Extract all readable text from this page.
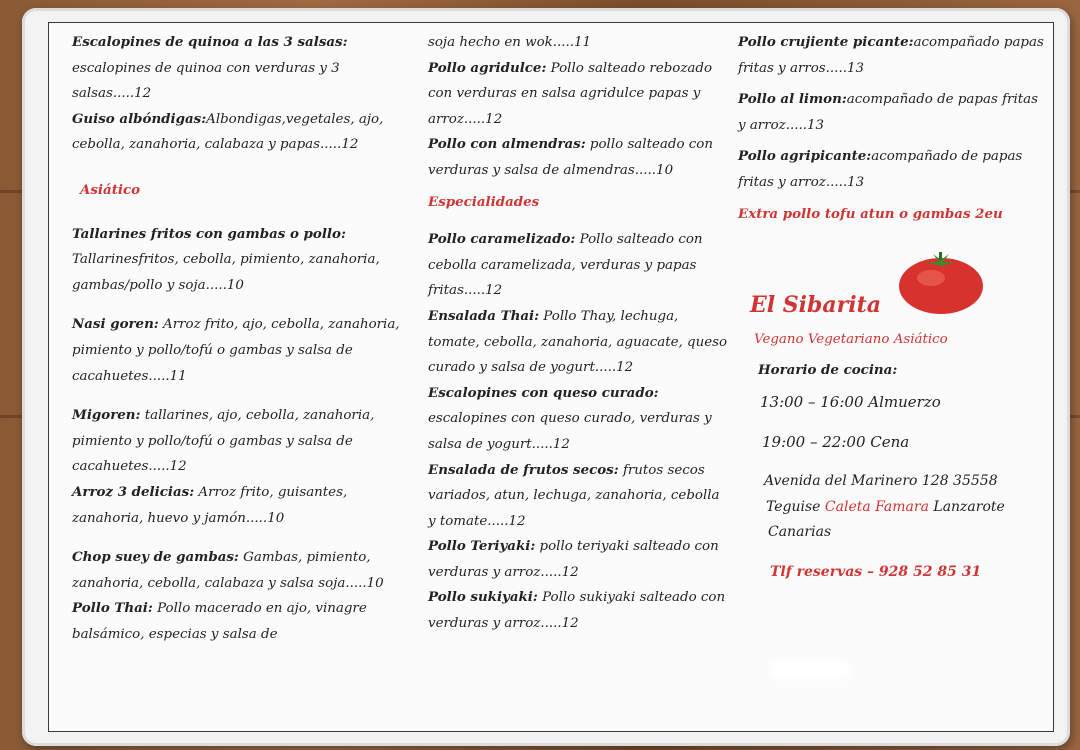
Escalopines de quinoa a las 3 salsas: escalopines de quinoa con verduras y 3 salsas.....12

Guiso albóndigas:Albondigas,vegetales, ajo, cebolla, zanahoria, calabaza y papas.....12

Asiático

Tallarines fritos con gambas o pollo: Tallarinesfritos, cebolla, pimiento, zanahoria, gambas/pollo y soja.....10

Nasi goren: Arroz frito, ajo, cebolla, zanahoria, pimiento y pollo/tofú o gambas y salsa de cacahuetes.....11

Migoren: tallarines, ajo, cebolla, zanahoria, pimiento y pollo/tofú o gambas y salsa de cacahuetes.....12

Arroz 3 delicias: Arroz frito, guisantes, zanahoria, huevo y jamón.....10

Chop suey de gambas: Gambas, pimiento, zanahoria, cebolla, calabaza y salsa soja.....10

Pollo Thai: Pollo macerado en ajo, vinagre balsámico, especias y salsa de

soja hecho en wok.....11

Pollo agridulce: Pollo salteado rebozado con verduras en salsa agridulce papas y arroz.....12

Pollo con almendras: pollo salteado con verduras y salsa de almendras.....10

Especialidades

Pollo caramelizado: Pollo salteado con cebolla caramelizada, verduras y papas fritas.....12

Ensalada Thai: Pollo Thay, lechuga, tomate, cebolla, zanahoria, aguacate, queso curado y salsa de yogurt.....12

Escalopines con queso curado: escalopines con queso curado, verduras y salsa de yogurt.....12

Ensalada de frutos secos: frutos secos variados, atun, lechuga, zanahoria, cebolla y tomate.....12

Pollo Teriyaki: pollo teriyaki salteado con verduras y arroz.....12

Pollo sukiyaki: Pollo sukiyaki salteado con verduras y arroz.....12

Pollo crujiente picante:acompañado papas fritas y arros.....13

Pollo al limon:acompañado de papas fritas y arroz.....13

Pollo agripicante:acompañado de papas fritas y arroz.....13

Extra pollo tofu atun o gambas 2eu

El Sibarita

Vegano Vegetariano Asiático

Horario de cocina:

13:00 – 16:00 Almuerzo

19:00 – 22:00 Cena

Avenida del Marinero 128 35558

Teguise Caleta Famara Lanzarote

Canarias

Tlf reservas – 928 52 85 31
